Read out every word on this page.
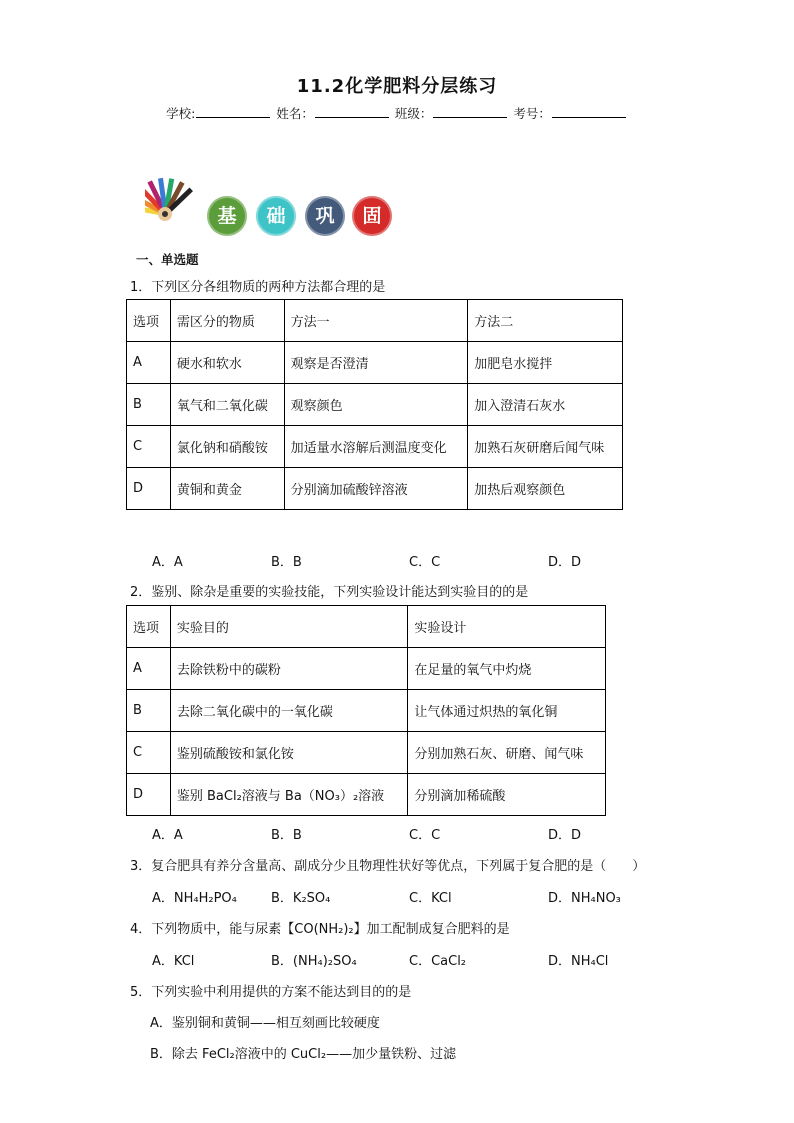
11.2化学肥料分层练习
学校:	姓名：	班级：	考号：
基	础	巩	固
一、单选题
1．下列区分各组物质的两种方法都合理的是
选项	需区分的物质	方法一	方法二
A	硬水和软水	观察是否澄清	加肥皂水搅拌
B	氧气和二氧化碳	观察颜色	加入澄清石灰水
C	氯化钠和硝酸铵	加适量水溶解后测温度变化	加熟石灰研磨后闻气味
D	黄铜和黄金	分别滴加硫酸锌溶液	加热后观察颜色
A．A	B．B	C．C	D．D
2．鉴别、除杂是重要的实验技能，下列实验设计能达到实验目的的是
选项	实验目的	实验设计
A	去除铁粉中的碳粉	在足量的氧气中灼烧
B	去除二氧化碳中的一氧化碳	让气体通过炽热的氧化铜
C	鉴别硫酸铵和氯化铵	分别加熟石灰、研磨、闻气味
D	鉴别 BaCl₂溶液与 Ba（NO₃）₂溶液	分别滴加稀硫酸
A．A	B．B	C．C	D．D
3．复合肥具有养分含量高、副成分少且物理性状好等优点，下列属于复合肥的是（　　）
A．NH₄H₂PO₄	B．K₂SO₄	C．KCl	D．NH₄NO₃
4．下列物质中，能与尿素【CO(NH₂)₂】加工配制成复合肥料的是
A．KCl	B．(NH₄)₂SO₄	C．CaCl₂	D．NH₄Cl
5．下列实验中利用提供的方案不能达到目的的是
A．鉴别铜和黄铜——相互刻画比较硬度
B．除去 FeCl₂溶液中的 CuCl₂——加少量铁粉、过滤
